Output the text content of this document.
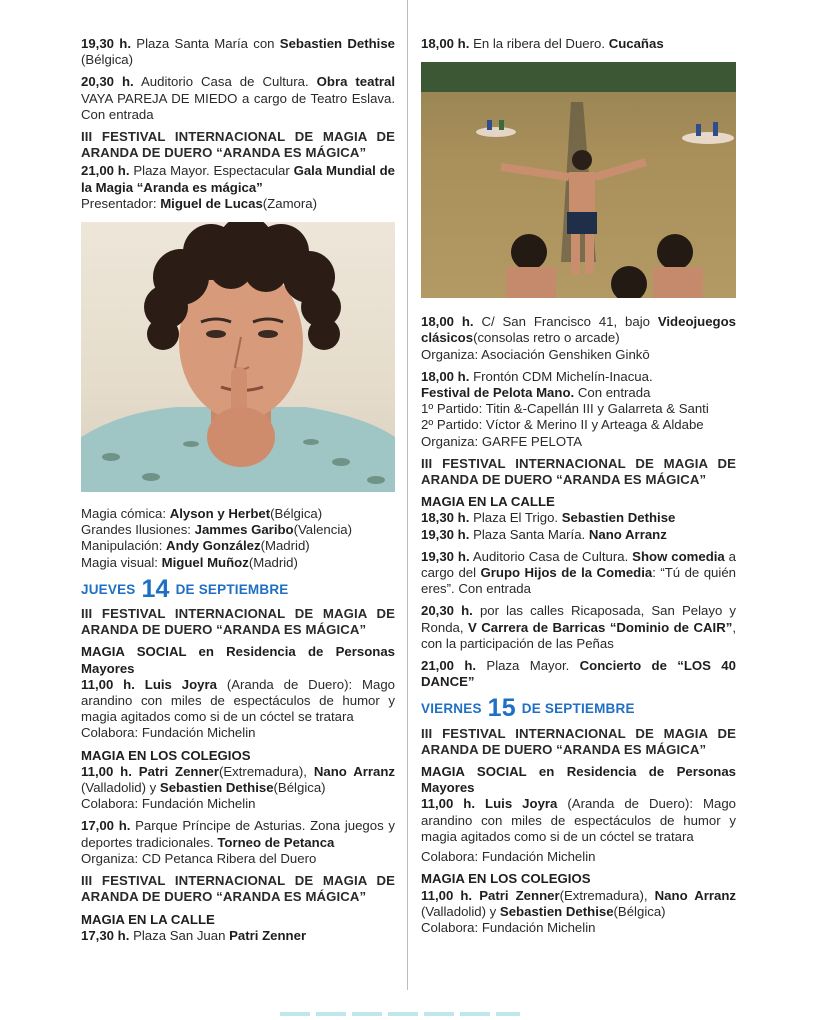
19,30 h. Plaza Santa María con Sebastien Dethise (Bélgica)
20,30 h. Auditorio Casa de Cultura. Obra teatral VAYA PAREJA DE MIEDO a cargo de Teatro Eslava. Con entrada
III FESTIVAL INTERNACIONAL DE MAGIA DE ARANDA DE DUERO “ARANDA ES MÁGICA”
21,00 h. Plaza Mayor. Espectacular Gala Mundial de la Magia “Aranda es mágica”
Presentador: Miguel de Lucas(Zamora)
Magia cómica: Alyson y Herbet(Bélgica)
Grandes Ilusiones: Jammes Garibo(Valencia)
Manipulación: Andy González(Madrid)
Magia visual: Miguel Muñoz(Madrid)
JUEVES 14 DE SEPTIEMBRE
III FESTIVAL INTERNACIONAL DE MAGIA DE ARANDA DE DUERO “ARANDA ES MÁGICA”
MAGIA SOCIAL en Residencia de Personas Mayores
11,00 h. Luis Joyra (Aranda de Duero): Mago arandino con miles de espectáculos de humor y magia agitados como si de un cóctel se tratara
Colabora: Fundación Michelin
MAGIA EN LOS COLEGIOS
11,00 h. Patri Zenner(Extremadura), Nano Arranz (Valladolid) y Sebastien Dethise(Bélgica)
Colabora: Fundación Michelin
17,00 h. Parque Príncipe de Asturias. Zona juegos y deportes tradicionales. Torneo de Petanca
Organiza: CD Petanca Ribera del Duero
III FESTIVAL INTERNACIONAL DE MAGIA DE ARANDA DE DUERO “ARANDA ES MÁGICA”
MAGIA EN LA CALLE
17,30 h. Plaza San Juan Patri Zenner
18,00 h. En la ribera del Duero. Cucañas
18,00 h. C/ San Francisco 41, bajo Videojuegos clásicos(consolas retro o arcade)
Organiza: Asociación Genshiken Ginkō
18,00 h. Frontón CDM Michelín-Inacua.
Festival de Pelota Mano. Con entrada
1º Partido: Titin &-Capellán III y Galarreta & Santi
2º Partido: Víctor & Merino II y Arteaga & Aldabe
Organiza: GARFE PELOTA
III FESTIVAL INTERNACIONAL DE MAGIA DE ARANDA DE DUERO “ARANDA ES MÁGICA”
MAGIA EN LA CALLE
18,30 h. Plaza El Trigo. Sebastien Dethise
19,30 h. Plaza Santa María. Nano Arranz
19,30 h. Auditorio Casa de Cultura. Show comedia a cargo del Grupo Hijos de la Comedia: “Tú de quién eres”. Con entrada
20,30 h. por las calles Ricaposada, San Pelayo y Ronda, V Carrera de Barricas “Dominio de CAIR”, con la participación de las Peñas
21,00 h. Plaza Mayor. Concierto de “LOS 40 DANCE”
VIERNES 15 DE SEPTIEMBRE
III FESTIVAL INTERNACIONAL DE MAGIA DE ARANDA DE DUERO “ARANDA ES MÁGICA”
MAGIA SOCIAL en Residencia de Personas Mayores
11,00 h. Luis Joyra (Aranda de Duero): Mago arandino con miles de espectáculos de humor y magia agitados como si de un cóctel se tratara
Colabora: Fundación Michelin
MAGIA EN LOS COLEGIOS
11,00 h. Patri Zenner(Extremadura), Nano Arranz (Valladolid) y Sebastien Dethise(Bélgica)
Colabora: Fundación Michelin
